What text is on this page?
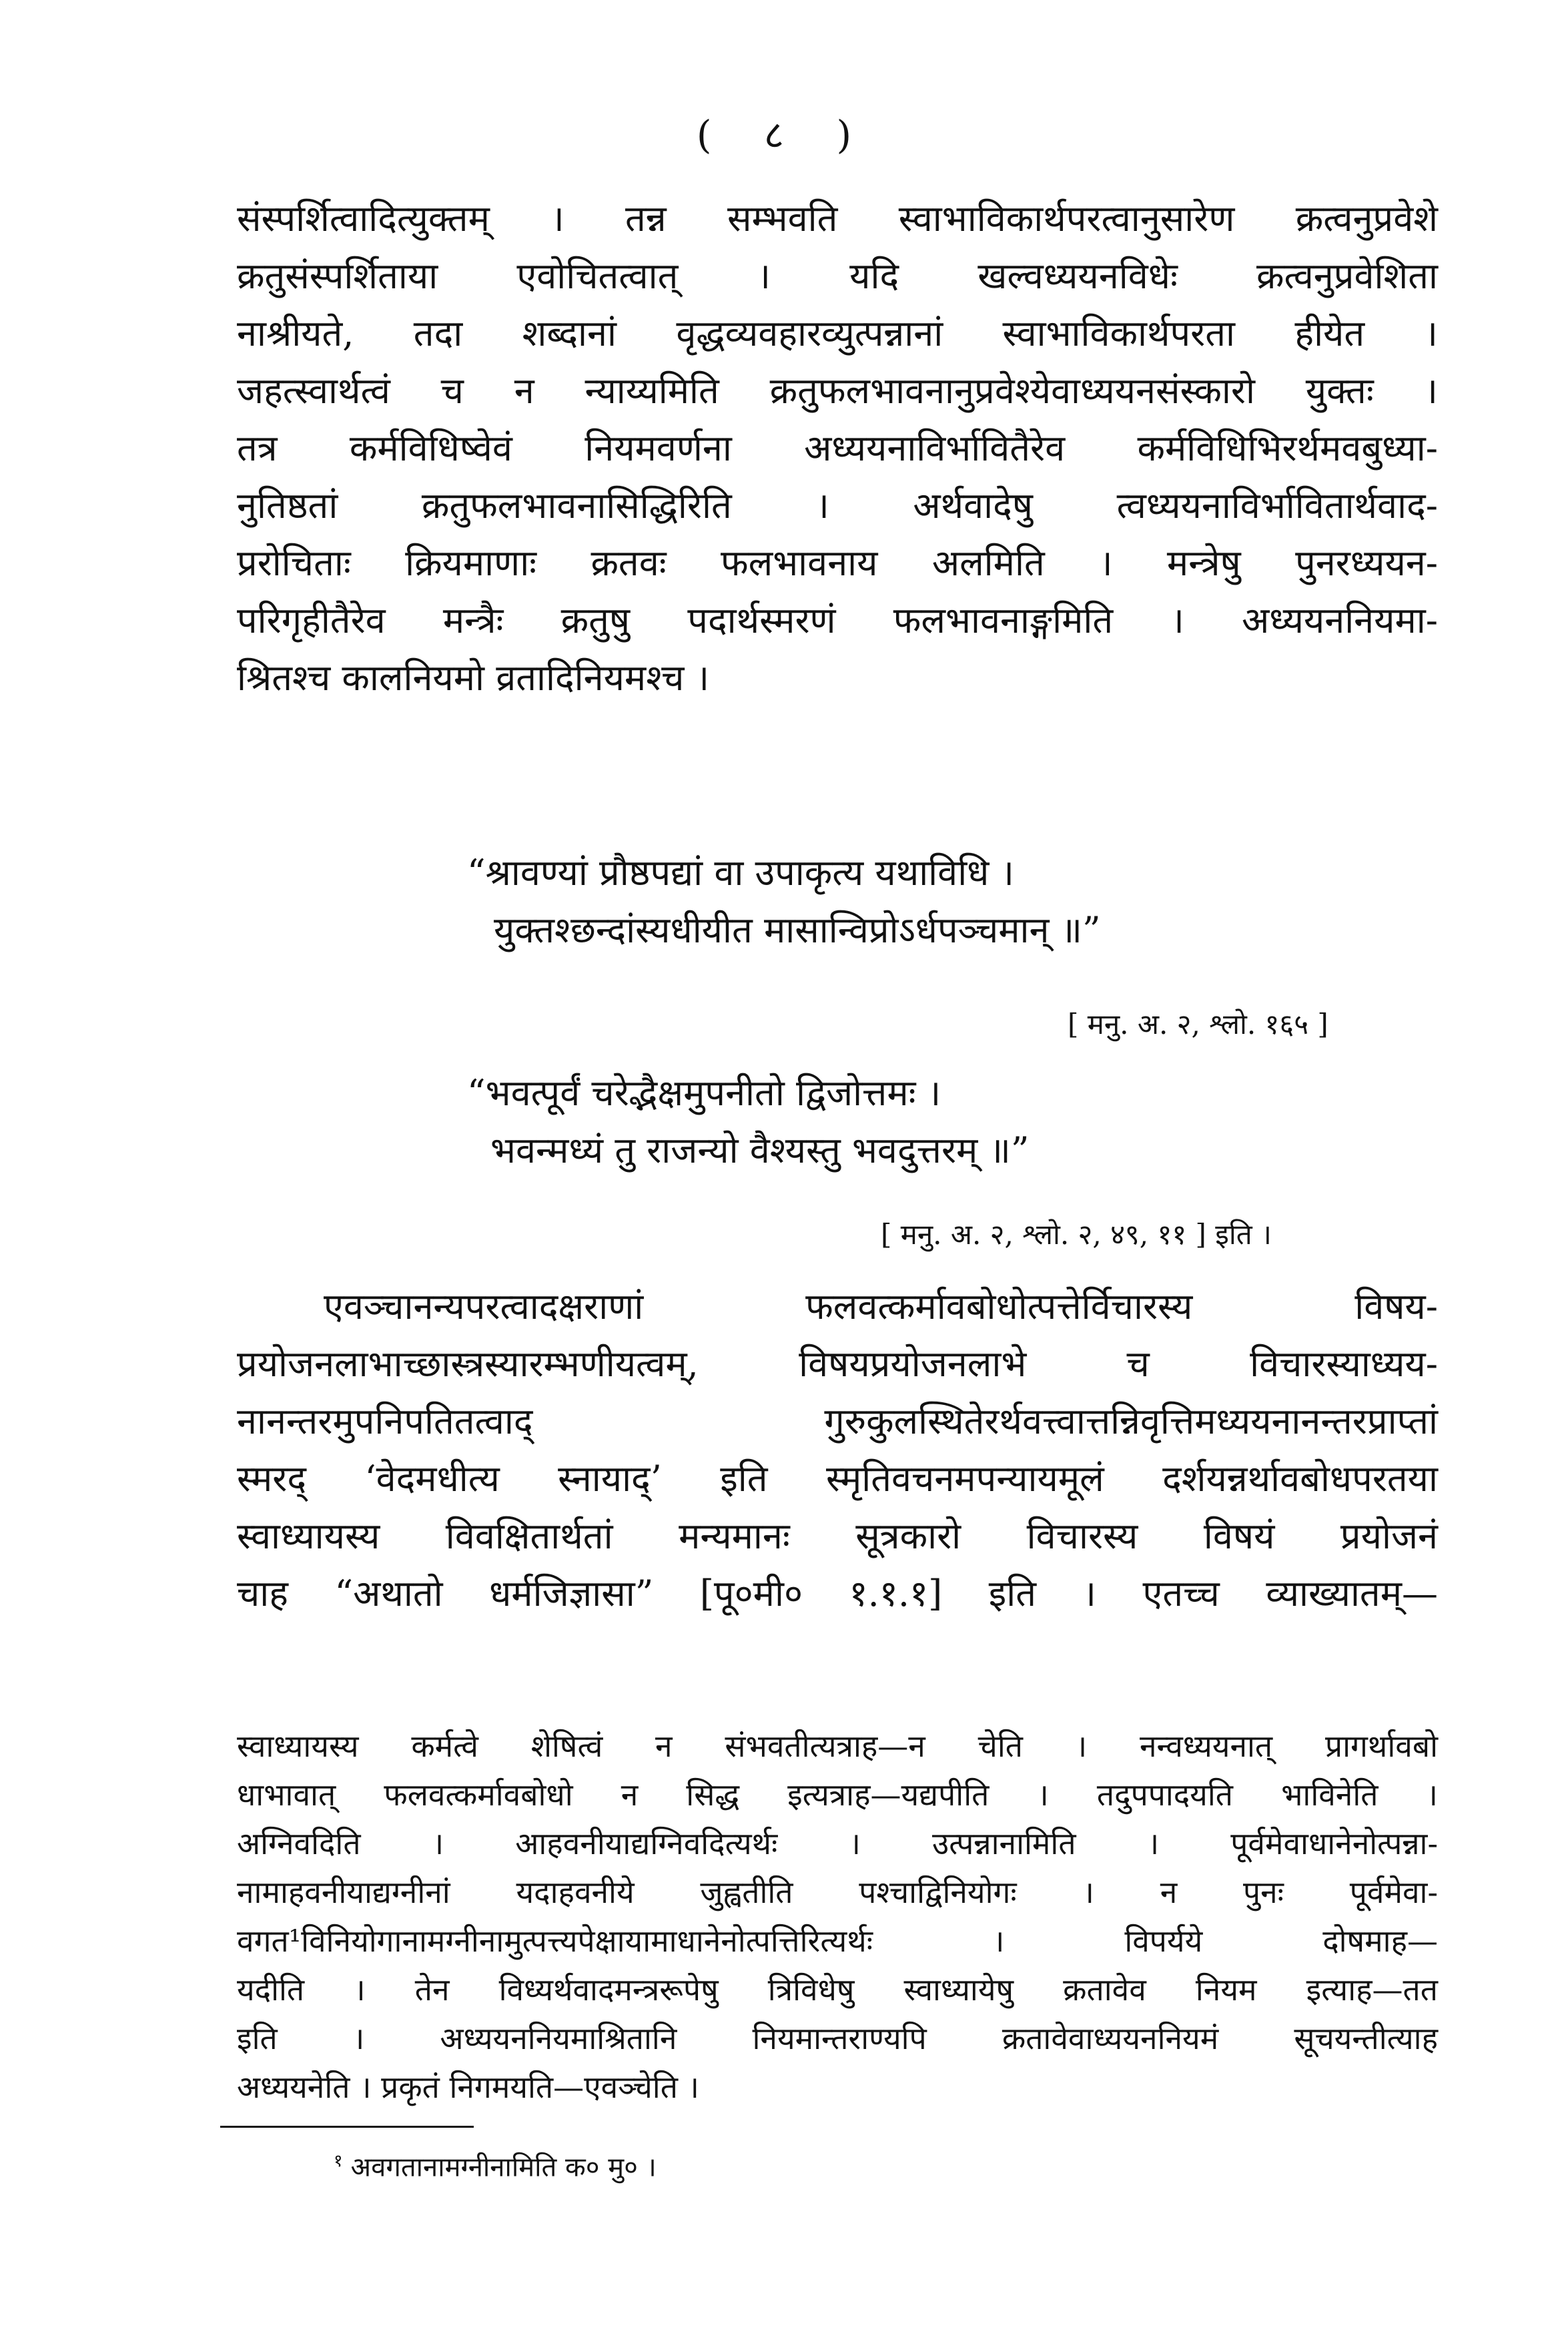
( ८ )
संस्पर्शित्वादित्युक्तम् । तन्न सम्भवति स्वाभाविकार्थपरत्वानुसारेण क्रत्वनुप्रवेशे
क्रतुसंस्पर्शिताया एवोचितत्वात् । यदि खल्वध्ययनविधेः क्रत्वनुप्रवेशिता
नाश्रीयते, तदा शब्दानां वृद्धव्यवहारव्युत्पन्नानां स्वाभाविकार्थपरता हीयेत ।
जहत्स्वार्थत्वं च न न्याय्यमिति क्रतुफलभावनानुप्रवेश्येवाध्ययनसंस्कारो युक्तः ।
तत्र कर्मविधिष्वेवं नियमवर्णना अध्ययनाविर्भावितैरेव कर्मविधिभिरर्थमवबुध्या-
नुतिष्ठतां क्रतुफलभावनासिद्धिरिति । अर्थवादेषु त्वध्ययनाविर्भावितार्थवाद-
प्ररोचिताः क्रियमाणाः क्रतवः फलभावनाय अलमिति । मन्त्रेषु पुनरध्ययन-
परिगृहीतैरेव मन्त्रैः क्रतुषु पदार्थस्मरणं फलभावनाङ्गमिति । अध्ययननियमा-
श्रितश्च कालनियमो व्रतादिनियमश्च ।
“श्रावण्यां प्रौष्ठपद्यां वा उपाकृत्य यथाविधि ।
युक्तश्छन्दांस्यधीयीत मासान्विप्रोऽर्धपञ्चमान् ॥”
[ मनु. अ. २, श्लो. १६५ ]
“भवत्पूर्वं चरेद्भैक्षमुपनीतो द्विजोत्तमः ।
भवन्मध्यं तु राजन्यो वैश्यस्तु भवदुत्तरम् ॥”
[ मनु. अ. २, श्लो. २, ४९, ११ ] इति ।
एवञ्चानन्यपरत्वादक्षराणां फलवत्कर्मावबोधोत्पत्तेर्विचारस्य विषय-
प्रयोजनलाभाच्छास्त्रस्यारम्भणीयत्वम्, विषयप्रयोजनलाभे च विचारस्याध्यय-
नानन्तरमुपनिपतितत्वाद् गुरुकुलस्थितेरर्थवत्त्वात्तन्निवृत्तिमध्ययनानन्तरप्राप्तां
स्मरद् ‘वेदमधीत्य स्नायाद्’ इति स्मृतिवचनमपन्यायमूलं दर्शयन्नर्थावबोधपरतया
स्वाध्यायस्य विवक्षितार्थतां मन्यमानः सूत्रकारो विचारस्य विषयं प्रयोजनं
चाह “अथातो धर्मजिज्ञासा” [पू०मी० १.१.१] इति । एतच्च व्याख्यातम्—
स्वाध्यायस्य कर्मत्वे शेषित्वं न संभवतीत्यत्राह—न चेति । नन्वध्ययनात् प्रागर्थावबो
धाभावात् फलवत्कर्मावबोधो न सिद्ध इत्यत्राह—यद्यपीति । तदुपपादयति भाविनेति ।
अग्निवदिति । आहवनीयाद्यग्निवदित्यर्थः । उत्पन्नानामिति । पूर्वमेवाधानेनोत्पन्ना-
नामाहवनीयाद्यग्नीनां यदाहवनीये जुह्वतीति पश्चाद्विनियोगः । न पुनः पूर्वमेवा-
वगत¹विनियोगानामग्नीनामुत्पत्त्यपेक्षायामाधानेनोत्पत्तिरित्यर्थः । विपर्यये दोषमाह—
यदीति । तेन विध्यर्थवादमन्त्ररूपेषु त्रिविधेषु स्वाध्यायेषु क्रतावेव नियम इत्याह—तत
इति । अध्ययननियमाश्रितानि नियमान्तराण्यपि क्रतावेवाध्ययननियमं सूचयन्तीत्याह
अध्ययनेति । प्रकृतं निगमयति—एवञ्चेति ।
$^१$ अवगतानामग्नीनामिति क० मु० ।
